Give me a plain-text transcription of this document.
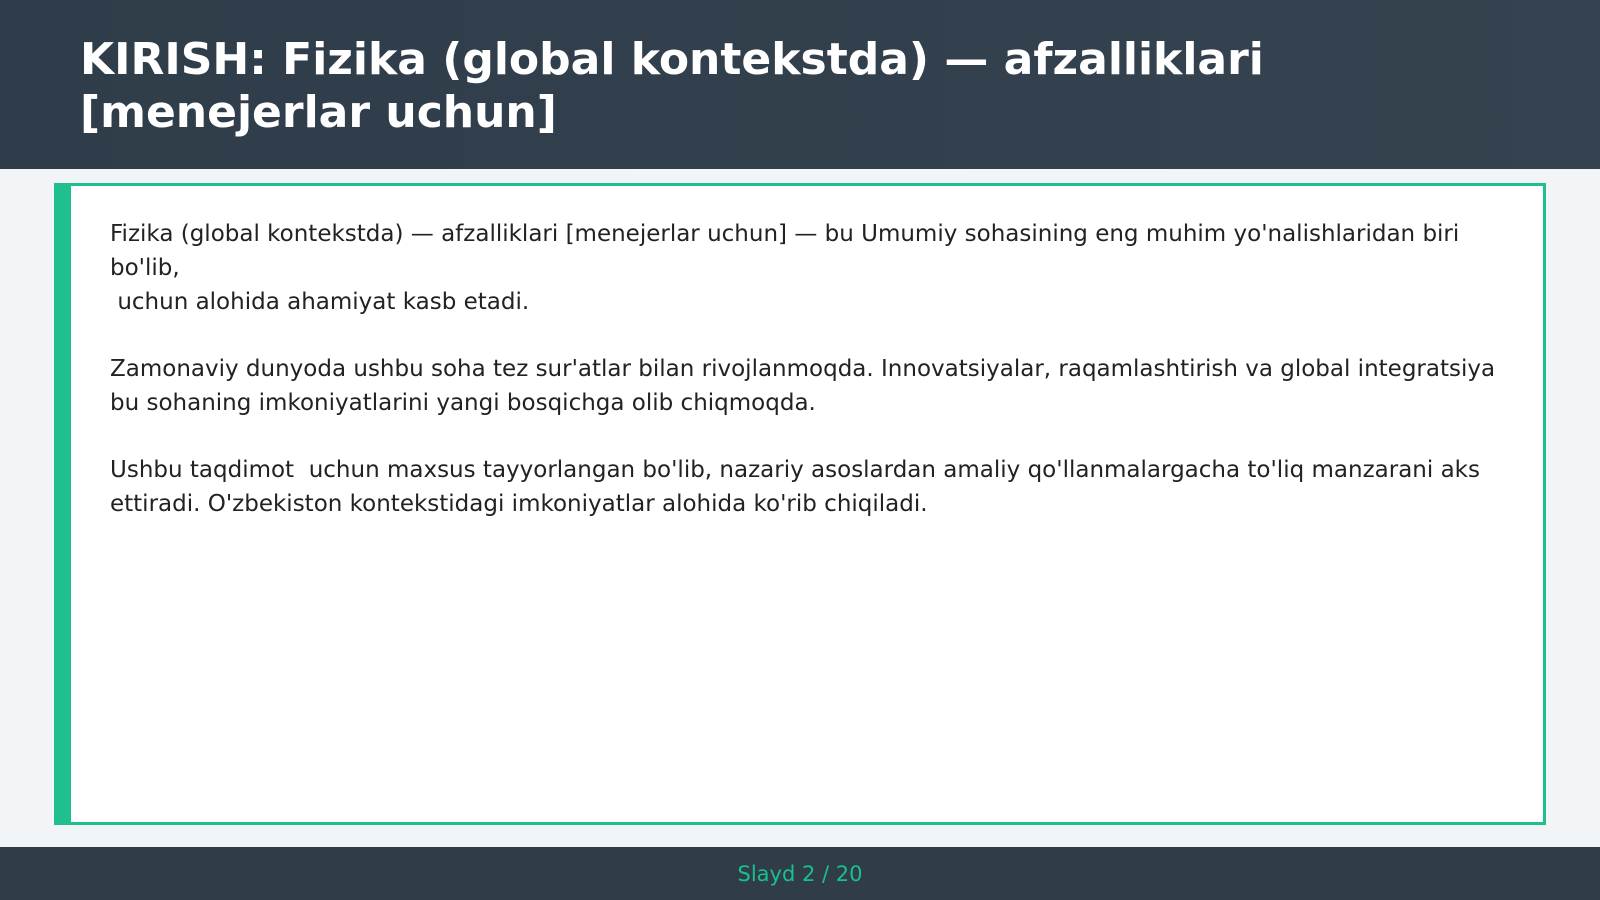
KIRISH: Fizika (global kontekstda) — afzalliklari [menejerlar uchun]

Fizika (global kontekstda) — afzalliklari [menejerlar uchun] — bu Umumiy sohasining eng muhim yo'nalishlaridan biri bo'lib,
uchun alohida ahamiyat kasb etadi.

Zamonaviy dunyoda ushbu soha tez sur'atlar bilan rivojlanmoqda. Innovatsiyalar, raqamlashtirish va global integratsiya bu sohaning imkoniyatlarini yangi bosqichga olib chiqmoqda.

Ushbu taqdimot  uchun maxsus tayyorlangan bo'lib, nazariy asoslardan amaliy qo'llanmalargacha to'liq manzarani aks ettiradi. O'zbekiston kontekstidagi imkoniyatlar alohida ko'rib chiqiladi.

Slayd 2 / 20
